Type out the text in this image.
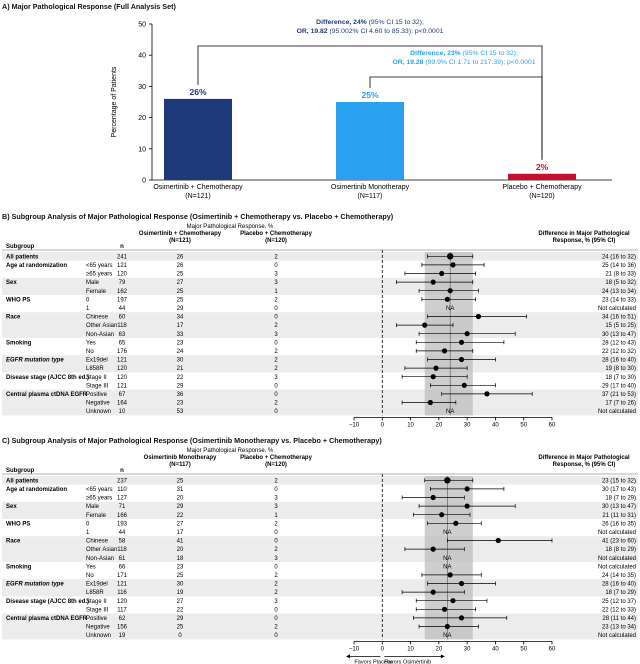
A) Major Pathological Response (Full Analysis Set)
0
10
20
30
40
50
Percentage of Patients	26%
Osimertinib + Chemotherapy
(N=121)
25%
Osimertinib Monotherapy
(N=117)
2%
Placebo + Chemotherapy
(N=120)
Difference, 24% (95% CI 15 to 32);
OR, 19.82 (95.002% CI 4.60 to 85.33); p<0.0001
Difference, 23% (95% CI 15 to 32);
OR, 19.28 (99.9% CI 1.71 to 217.39); p<0.0001
B) Subgroup Analysis of Major Pathological Response (Osimertinib + Chemotherapy vs. Placebo + Chemotherapy)
Major Pathological Response, %
Osimertinib + Chemotherapy
(N=121)
Placebo + Chemotherapy
(N=120)
Subgroup	n
Difference in Major Pathological
Response, % (95% CI)
All patients	241	26	2	24 (16 to 32)
Age at randomization	<65 years 121	26	0	25 (14 to 36)
≥65 years 120	25	3	21 (8 to 33)
Sex	Male	79	27	3	18 (5 to 32)
Female 162	25	1	24 (13 to 34)
WHO PS	0	197	25	2	23 (14 to 33)
1	44	29	0	Not calculated
NA
Race	Chinese 60	34	0	34 (16 to 51)
Other Asian 118	17	2	15 (5 to 25)
Non-Asian 63	33	3	30 (13 to 47)
Smoking	Yes	65	23	0	28 (12 to 43)
No	176	24	2	22 (12 to 32)
EGFR mutation type	Ex19del 121	30	2	28 (16 to 40)
L858R 120	21	2	19 (8 to 30)
Disease stage (AJCC 8th ed.)
Stage II 120	22	3	18 (7 to 30)
Stage III 121	29	0	29 (17 to 40)
Central plasma ctDNA EGFR
Positive 67	36	0	37 (21 to 53)
Negative 164	23	2	17 (7 to 26)
Unknown 10	53	0	Not calculated
NA
−10	0	10	20	30	40	50	60
C) Subgroup Analysis of Major Pathological Response (Osimertinib Monotherapy vs. Placebo + Chemotherapy)
Major Pathological Response, %
Osimertinib Monotherapy
(N=117)
Placebo + Chemotherapy
(N=120)
Subgroup	n
Difference in Major Pathological
Response, % (95% CI)
All patients	237	25	2	23 (15 to 32)
Age at randomization	<65 years 110	31	0	30 (17 to 43)
≥65 years 127	20	3	18 (7 to 29)
Sex	Male	71	29	3	30 (13 to 47)
Female 166	22	1	21 (11 to 31)
WHO PS	0	193	27	2	26 (16 to 35)
1	44	17	0	Not calculated
NA
Race	Chinese 58	41	0	41 (23 to 60)
Other Asian 118	20	2	18 (8 to 29)
Non-Asian 61	18	3	Not calculated
NA
Smoking	Yes	66	23	0	Not calculated
NA
No	171	25	2	24 (14 to 35)
EGFR mutation type	Ex19del 121	30	2	28 (16 to 40)
L858R 116	19	2	18 (7 to 29)
Disease stage (AJCC 8th ed.)
Stage II 120	27	3	25 (12 to 37)
Stage III 117	22	0	22 (12 to 33)
Central plasma ctDNA EGFR
Positive 62	29	0	28 (11 to 44)
Negative 156	25	2	23 (13 to 34)
Unknown 19	0	0	Not calculated
NA
−10	0	10	20	30	40	50	60
Favors Placebo
Favors Osimertinib
